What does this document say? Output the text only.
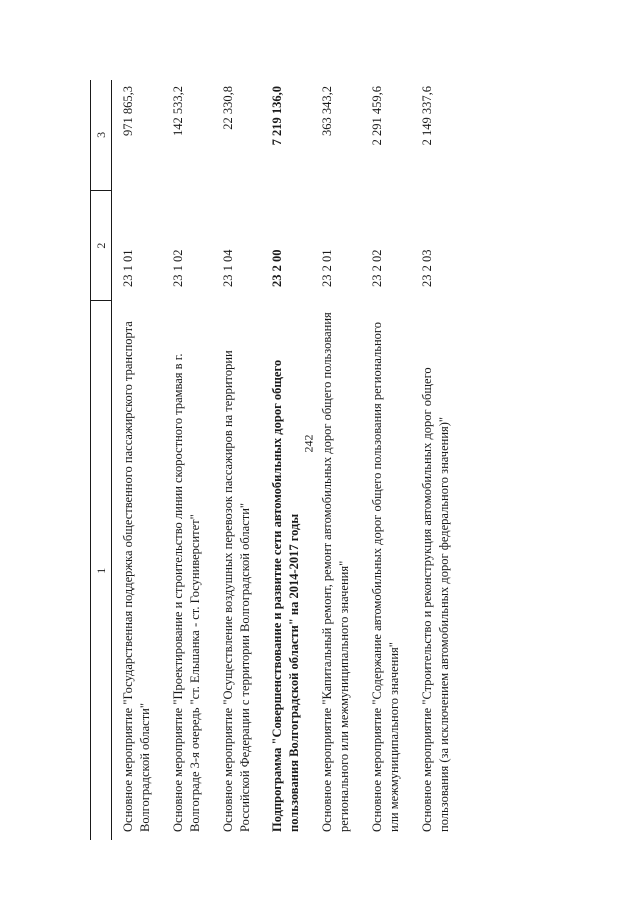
242
1	2	3
Основное мероприятие "Государственная поддержка общественного пассажирского транспорта Волгоградской области"	23 1 01	971 865,3
Основное мероприятие "Проектирование и строительство линии скоростного трамвая в г. Волгограде 3-я очередь "ст. Ельшанка - ст. Госуниверситет"	23 1 02	142 533,2
Основное мероприятие "Осуществление воздушных перевозок пассажиров на территории Российской Федерации с территории Волгоградской области"	23 1 04	22 330,8
Подпрограмма "Совершенствование и развитие сети автомобильных дорог общего пользования Волгоградской области" на 2014-2017 годы	23 2 00	7 219 136,0
Основное мероприятие "Капитальный ремонт, ремонт автомобильных дорог общего пользования регионального или межмуниципального значения"	23 2 01	363 343,2
Основное мероприятие "Содержание автомобильных дорог общего пользования регионального или межмуниципального значения"	23 2 02	2 291 459,6
Основное мероприятие "Строительство и реконструкция автомобильных дорог общего пользования (за исключением автомобильных дорог федерального значения)"	23 2 03	2 149 337,6
